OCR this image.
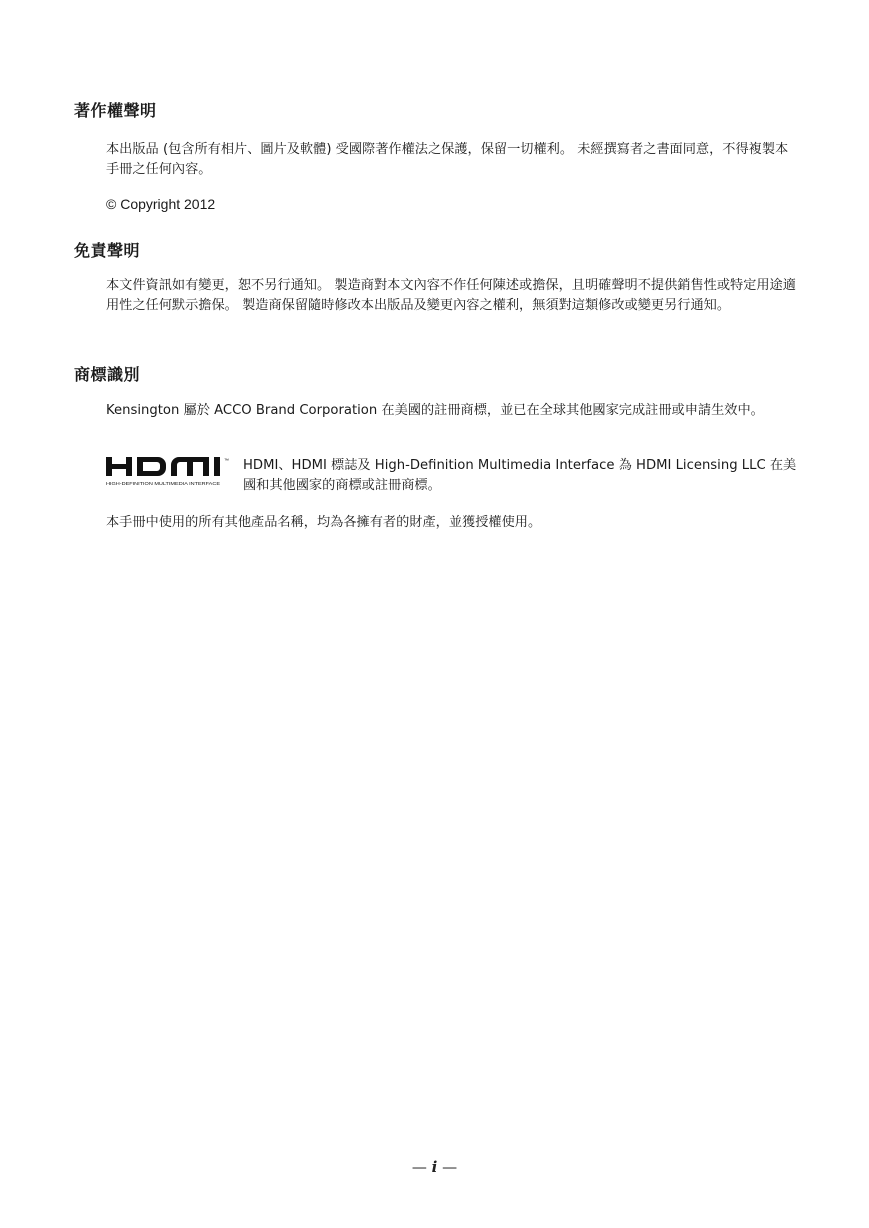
著作權聲明

本出版品 (包含所有相片、圖片及軟體) 受國際著作權法之保護，保留一切權利。 未經撰寫者之書面同意，不得複製本手冊之任何內容。

© Copyright 2012

免責聲明

本文件資訊如有變更，恕不另行通知。 製造商對本文內容不作任何陳述或擔保，且明確聲明不提供銷售性或特定用途適用性之任何默示擔保。 製造商保留隨時修改本出版品及變更內容之權利，無須對這類修改或變更另行通知。

商標識別

Kensington 屬於 ACCO Brand Corporation 在美國的註冊商標，並已在全球其他國家完成註冊或申請生效中。

™
HIGH-DEFINITION MULTIMEDIA INTERFACE

HDMI、HDMI 標誌及 High-Definition Multimedia Interface 為 HDMI Licensing LLC 在美國和其他國家的商標或註冊商標。

本手冊中使用的所有其他產品名稱，均為各擁有者的財產，並獲授權使用。

— i —
